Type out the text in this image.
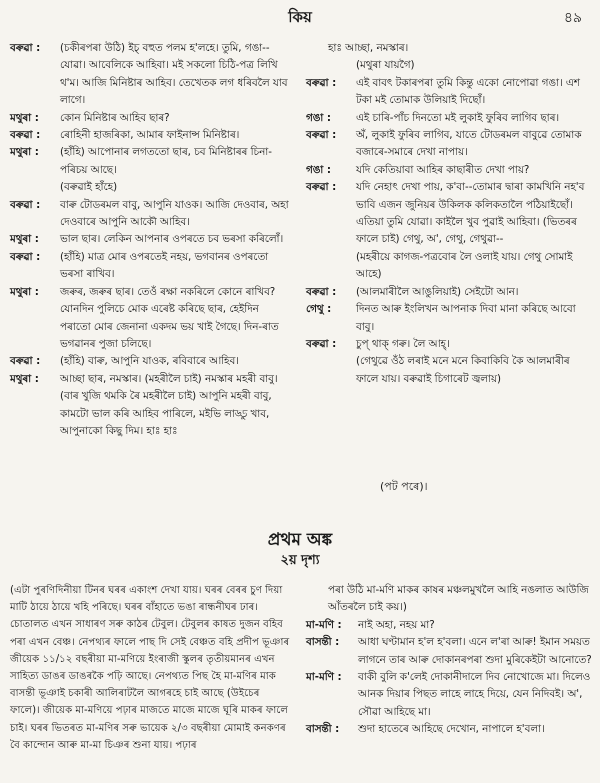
কিয়	৪৯
বৰুৱা :	(চকীৰপৰা উঠি) ইচ্ বহুত পলম হ'লহে। তুমি, গঙা--যোৱা। আবেলিকে আহিবা। মই সকলো চিঠি-পত্ৰ লিখি থ'ম। আজি মিনিষ্টাৰ আহিব। তেখেতক লগ ধৰিবলৈ যাব লাগে।
মথুৰা :	কোন মিনিষ্টাৰ আহিব ছাৰ?
বৰুৱা :	ৰোহিনী হাজৰিকা, আমাৰ ফাইনান্স মিনিষ্টাৰ।
মথুৰা :	(হাঁহি) আপোনাৰ লগততো ছাৰ, চব মিনিষ্টাৰৰ চিনা-পৰিচয় আছে।
(বৰুৱাই হাঁহে)
বৰুৱা :	বাৰু টোডৰমল বাবু, আপুনি যাওক। আজি দেওবাৰ, অহা দেওবাৰে আপুনি আকৌ আহিব।
মথুৰা :	ভাল ছাৰ। লেকিন আপনাৰ ওপৰতে চব ভৰসা কৰিলোঁ।
বৰুৱা :	(হাঁহি) মাত্ৰ মোৰ ওপৰতেই নহয়, ভগবানৰ ওপৰতো ভৰসা ৰাখিব।
মথুৰা :	জৰুৰ, জৰুৰ ছাৰ। তেওঁ ৰক্ষা নকৰিলে কোনে ৰাখিব? যোনদিন পুলিচে মোক এৰেষ্ট কৰিছে ছাৰ, হেইদিন পৰাতো মোৰ জেনানা একদম ভয় খাই গৈছে। দিন-ৰাত ভগৱানৰ পুজা চলিছে।
বৰুৱা :	(হাঁহি) বাৰু, আপুনি যাওক, ৰবিবাৰে আহিব।
মথুৰা :	আচ্ছা ছাৰ, নমস্কাৰ। (মহৰীলৈ চাই) নমস্কাৰ মহৰী বাবু। (বাৰ খুজি থমকি ৰৈ মহৰীলৈ চাই) আপুনি মহৰী বাবু, কামটো ভাল কৰি আহিব পাৰিলে, মইভি লাড্ডু খাব, আপুনাকো কিছু দিম। হাঃ হাঃ
হাঃ আচ্ছা, নমস্কাৰ।
(মথুৰা যায়গৈ)
বৰুৱা :	এই বাবৎ টকাৰপৰা তুমি কিন্তু একো নোপোৱা গঙা। এশ টকা মই তোমাক উলিয়াই দিছোঁ।
গঙা :	এই চাৰি-পাঁচ দিনতো মই লুকাই ফুৰিব লাগিব ছাৰ।
বৰুৱা :	অঁ, লুকাই ফুৰিব লাগিব, যাতে টোডৰমল বাবুৱে তোমাক বজাৰে-সমাৰে দেখা নাপায়।
গঙা :	যদি কেতিয়াবা আহিৰ কাছাৰীত দেখা পায়?
বৰুৱা :	যদি নেহাৎ দেখা পায়, ক'বা--তোমাৰ দ্বাৰা কামখিনি নহ'ব ভাবি এজন জুনিয়ৰ উকিলক কলিকতালৈ পঠিয়াইছোঁ। এতিয়া তুমি যোৱা। কাইলৈ খুব পুৱাই আহিবা। (ভিতৰৰ ফালে চাই) গেথু, অ', গেথু, গেথুৱা--
(মহৰীয়ে কাগজ-পত্ৰবোৰ লৈ ওলাই যায়। গেথু সোমাই আহে)
বৰুৱা :	(আলমাৰীলৈ আঙুলিয়াই) সেইটো আন।
গেথু :	দিনত আৰু ইংলিখন আপনাক দিবা মানা কৰিছে আবো বাবু।
বৰুৱা :	চুপ্ থাক্ গৰু। লৈ আহ্।
(গেথুৱে ওঁঠ লৰাই মনে মনে কিবাকিবি কৈ আলমাৰীৰ ফালে যায়। বৰুৱাই চিগাৰেট জ্বলায়)
(পট পৰে)।
প্ৰথম অঙ্ক
২য় দৃশ্য
(এটা পুৰণিদিনীয়া টিনৰ ঘৰৰ একাংশ দেখা যায়। ঘৰৰ বেৰৰ চুণ দিয়া মাটি ঠায়ে ঠায়ে খহি পৰিছে। ঘৰৰ বাঁহাতে ভঙা ৰান্ধনীঘৰ ঢাৰ। চোতালত এখন সাধাৰণ সৰু কাঠৰ টেবুল। টেবুলৰ কাষত দুজন বহিব পৰা এখন বেঞ্চ। নেপথ্যৰ ফালে পাছ দি সেই বেঞ্চত বহি প্ৰদীপ ভূঞাৰ জীয়েক ১১/১২ বছৰীয়া মা-মণিয়ে ইংৰাজী স্কুলৰ তৃতীয়মানৰ এখন সাহিত্য ডাঙৰ ডাঙৰকৈ পঢ়ি আছে। নেপথ্যত পিছ হৈ মা-মণিৰ মাক বাসন্তী ভূঞাই চকাৰী আলিৰাটলৈ আগৰহে চাই আছে (উইচেৰ ফালে)। জীয়েক মা-মণিয়ে পঢ়াৰ মাজতে মাজে মাজে ঘূৰি মাকৰ ফালে চাই। ঘৰৰ ভিতৰত মা-মণিৰ সৰু ভায়েক ২/৩ বছৰীয়া মোমাই কনকণৰ বৈ কান্দোন আৰু মা-মা চিঞৰ শুনা যায়। পঢ়াৰ
পৰা উঠি মা-মণি মাকৰ কাষৰ মঞ্চলমুখলৈ আহি নঙলাত আউজি আঁতৰলৈ চাই কয়।)
মা-মণি :	নাই অহা, নহয় মা?
বাসন্তী :	আধা ঘণ্টামান হ'ল হ'বলা। এনে ল'ৰা আৰু! ইমান সময়ত লাগনে তাৰ আৰু দোকানৰপৰা শুদা মুৰিকেইটা আনোতে?
মা-মণি :	বাকী বুলি ক'লেই দোকানীদালে দিব নোখোজে মা। দিলেও আনক দিয়াৰ পিছত লাহে লাহে দিয়ে, যেন নিদিবই। অ', সৌৱা আহিছে মা।
বাসন্তী :	শুদা হাতেৰে আহিছে দেখোন, নাপালে হ'বলা।
